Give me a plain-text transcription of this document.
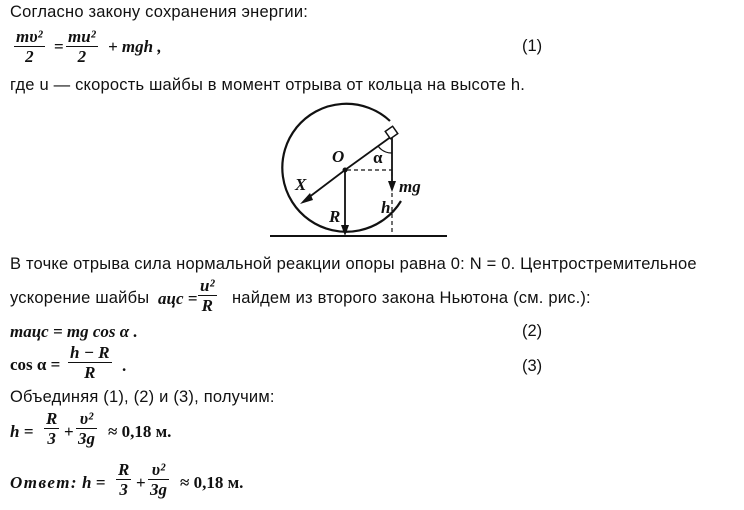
Согласно закону сохранения энергии:
mυ²
2
=
mu²
2
+ mgh ,	(1)
где u — скорость шайбы в момент отрыва от кольца на высоте h.
O α
X	mg
h
R
В точке отрыва сила нормальной реакции опоры равна 0: N = 0. Центростремительное
ускорение шайбы aцс =
u²
R найдем из второго закона Ньютона (см. рис.):
maцс = mg cos α .	(2)
cos α =
h − R
R .	(3)
Объединяя (1), (2) и (3), получим:
h =
R
3 +
υ²
3g ≈ 0,18 м.
Ответ: h =
R
3 +
υ²
3g ≈ 0,18 м.
